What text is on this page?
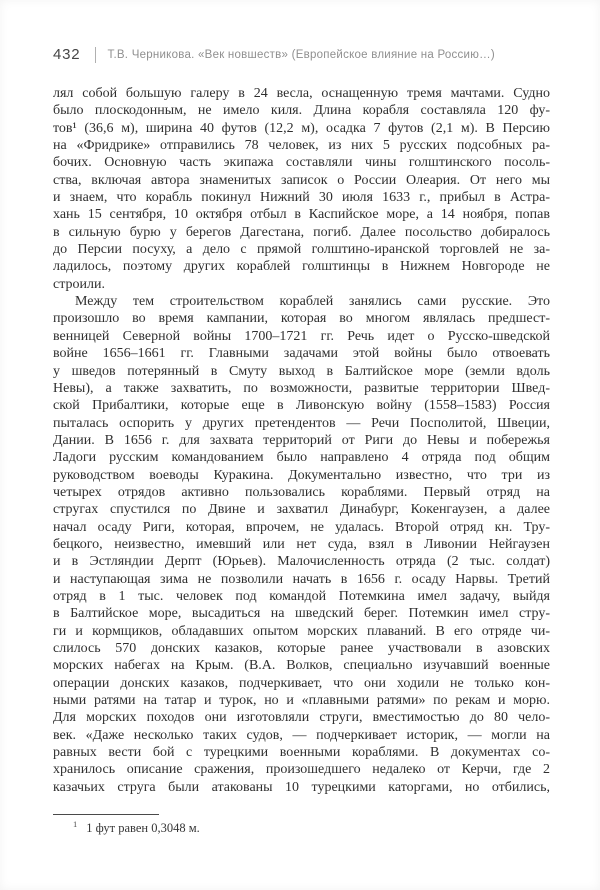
432 Т.В. Черникова. «Век новшеств» (Европейское влияние на Россию…)
лял собой большую галеру в 24 весла, оснащенную тремя мачтами. Судно
было плоскодонным, не имело киля. Длина корабля составляла 120 фу-
тов¹ (36,6 м), ширина 40 футов (12,2 м), осадка 7 футов (2,1 м). В Персию
на «Фридрике» отправились 78 человек, из них 5 русских подсобных ра-
бочих. Основную часть экипажа составляли чины голштинского посоль-
ства, включая автора знаменитых записок о России Олеария. От него мы
и знаем, что корабль покинул Нижний 30 июля 1633 г., прибыл в Астра-
хань 15 сентября, 10 октября отбыл в Каспийское море, а 14 ноября, попав
в сильную бурю у берегов Дагестана, погиб. Далее посольство добиралось
до Персии посуху, а дело с прямой голштино-иранской торговлей не за-
ладилось, поэтому других кораблей голштинцы в Нижнем Новгороде не
строили.
Между тем строительством кораблей занялись сами русские. Это
произошло во время кампании, которая во многом являлась предшест-
венницей Северной войны 1700–1721 гг. Речь идет о Русско-шведской
войне 1656–1661 гг. Главными задачами этой войны было отвоевать
у шведов потерянный в Смуту выход в Балтийское море (земли вдоль
Невы), а также захватить, по возможности, развитые территории Швед-
ской Прибалтики, которые еще в Ливонскую войну (1558–1583) Россия
пыталась оспорить у других претендентов — Речи Посполитой, Швеции,
Дании. В 1656 г. для захвата территорий от Риги до Невы и побережья
Ладоги русским командованием было направлено 4 отряда под общим
руководством воеводы Куракина. Документально известно, что три из
четырех отрядов активно пользовались кораблями. Первый отряд на
стругах спустился по Двине и захватил Динабург, Кокенгаузен, а далее
начал осаду Риги, которая, впрочем, не удалась. Второй отряд кн. Тру-
бецкого, неизвестно, имевший или нет суда, взял в Ливонии Нейгаузен
и в Эстляндии Дерпт (Юрьев). Малочисленность отряда (2 тыс. солдат)
и наступающая зима не позволили начать в 1656 г. осаду Нарвы. Третий
отряд в 1 тыс. человек под командой Потемкина имел задачу, выйдя
в Балтийское море, высадиться на шведский берег. Потемкин имел стру-
ги и кормщиков, обладавших опытом морских плаваний. В его отряде чи-
слилось 570 донских казаков, которые ранее участвовали в азовских
морских набегах на Крым. (В.А. Волков, специально изучавший военные
операции донских казаков, подчеркивает, что они ходили не только кон-
ными ратями на татар и турок, но и «плавными ратями» по рекам и морю.
Для морских походов они изготовляли струги, вместимостью до 80 чело-
век. «Даже несколько таких судов, — подчеркивает историк, — могли на
равных вести бой с турецкими военными кораблями. В документах со-
хранилось описание сражения, произошедшего недалеко от Керчи, где 2
казачьих струга были атакованы 10 турецкими каторгами, но отбились,
$^1$ 1 фут равен 0,3048 м.
